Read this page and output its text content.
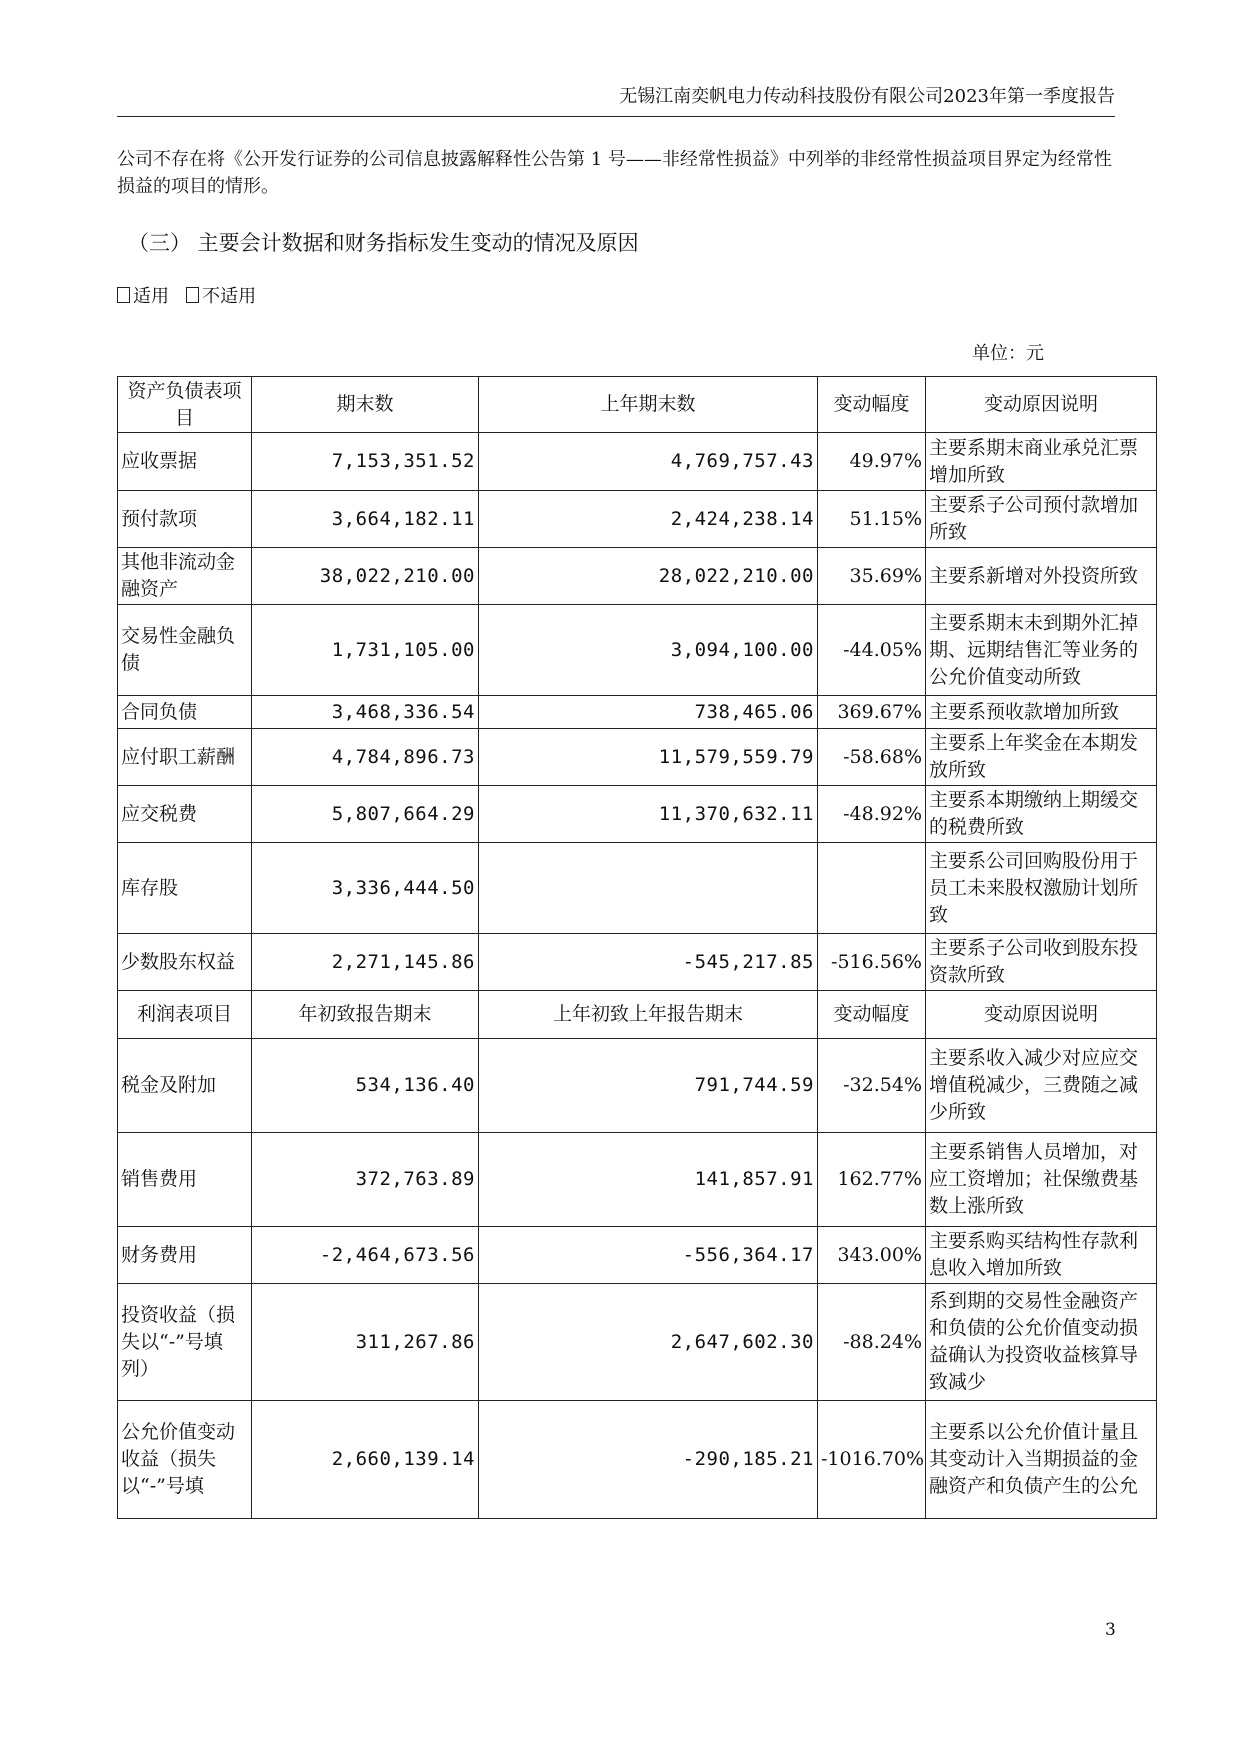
无锡江南奕帆电力传动科技股份有限公司2023年第一季度报告
公司不存在将《公开发行证券的公司信息披露解释性公告第 1 号——非经常性损益》中列举的非经常性损益项目界定为经常性损益的项目的情形。
（三） 主要会计数据和财务指标发生变动的情况及原因
适用 不适用
单位：元
资产负债表项目	期末数	上年期末数	变动幅度	变动原因说明
应收票据	7,153,351.52	4,769,757.43	49.97%	主要系期末商业承兑汇票增加所致
预付款项	3,664,182.11	2,424,238.14	51.15%	主要系子公司预付款增加所致
其他非流动金融资产	38,022,210.00	28,022,210.00	35.69%	主要系新增对外投资所致
交易性金融负债	1,731,105.00	3,094,100.00	-44.05%	主要系期末未到期外汇掉期、远期结售汇等业务的公允价值变动所致
合同负债	3,468,336.54	738,465.06	369.67%	主要系预收款增加所致
应付职工薪酬	4,784,896.73	11,579,559.79	-58.68%	主要系上年奖金在本期发放所致
应交税费	5,807,664.29	11,370,632.11	-48.92%	主要系本期缴纳上期缓交的税费所致
库存股	3,336,444.50			主要系公司回购股份用于员工未来股权激励计划所致
少数股东权益	2,271,145.86	-545,217.85	-516.56%	主要系子公司收到股东投资款所致
利润表项目	年初致报告期末	上年初致上年报告期末	变动幅度	变动原因说明
税金及附加	534,136.40	791,744.59	-32.54%	主要系收入减少对应应交增值税减少，三费随之减少所致
销售费用	372,763.89	141,857.91	162.77%	主要系销售人员增加，对应工资增加；社保缴费基数上涨所致
财务费用	-2,464,673.56	-556,364.17	343.00%	主要系购买结构性存款利息收入增加所致
投资收益（损失以“-”号填列）	311,267.86	2,647,602.30	-88.24%	系到期的交易性金融资产和负债的公允价值变动损益确认为投资收益核算导致减少
公允价值变动收益（损失以“-”号填	2,660,139.14	-290,185.21	-1016.70%	主要系以公允价值计量且其变动计入当期损益的金融资产和负债产生的公允
3
